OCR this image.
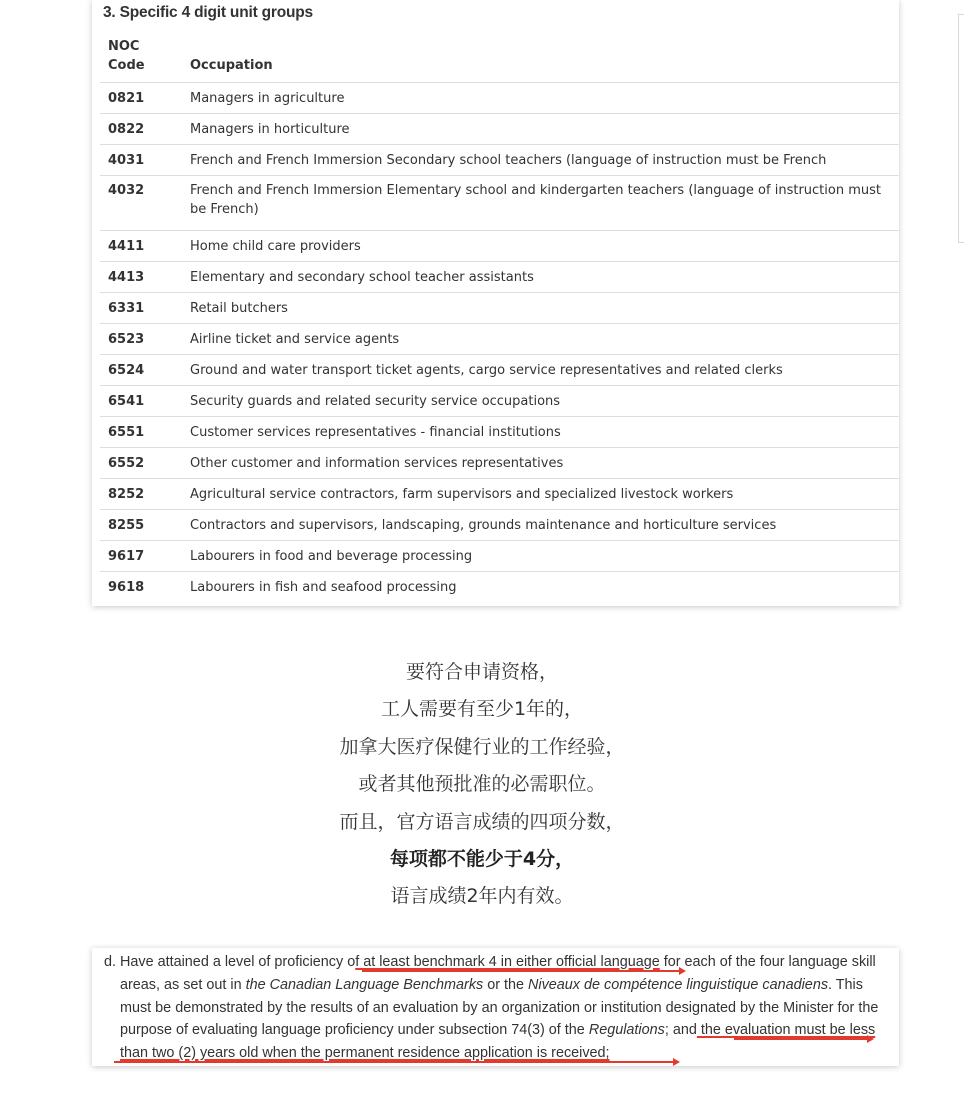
3. Specific 4 digit unit groups
NOC
Code	Occupation
0821	Managers in agriculture
0822	Managers in horticulture
4031	French and French Immersion Secondary school teachers (language of instruction must be French
4032	French and French Immersion Elementary school and kindergarten teachers (language of instruction must be French)
4411	Home child care providers
4413	Elementary and secondary school teacher assistants
6331	Retail butchers
6523	Airline ticket and service agents
6524	Ground and water transport ticket agents, cargo service representatives and related clerks
6541	Security guards and related security service occupations
6551	Customer services representatives - financial institutions
6552	Other customer and information services representatives
8252	Agricultural service contractors, farm supervisors and specialized livestock workers
8255	Contractors and supervisors, landscaping, grounds maintenance and horticulture services
9617	Labourers in food and beverage processing
9618	Labourers in fish and seafood processing
要符合申请资格，
工人需要有至少1年的，
加拿大医疗保健行业的工作经验，
或者其他预批准的必需职位。
而且，官方语言成绩的四项分数，
每项都不能少于4分，
语言成绩2年内有效。
d. Have attained a level of proficiency of at least benchmark 4 in either official language for each of the four language skill areas, as set out in the Canadian Language Benchmarks or the Niveaux de compétence linguistique canadiens. This must be demonstrated by the results of an evaluation by an organization or institution designated by the Minister for the purpose of evaluating language proficiency under subsection 74(3) of the Regulations; and the evaluation must be less than two (2) years old when the permanent residence application is received;
